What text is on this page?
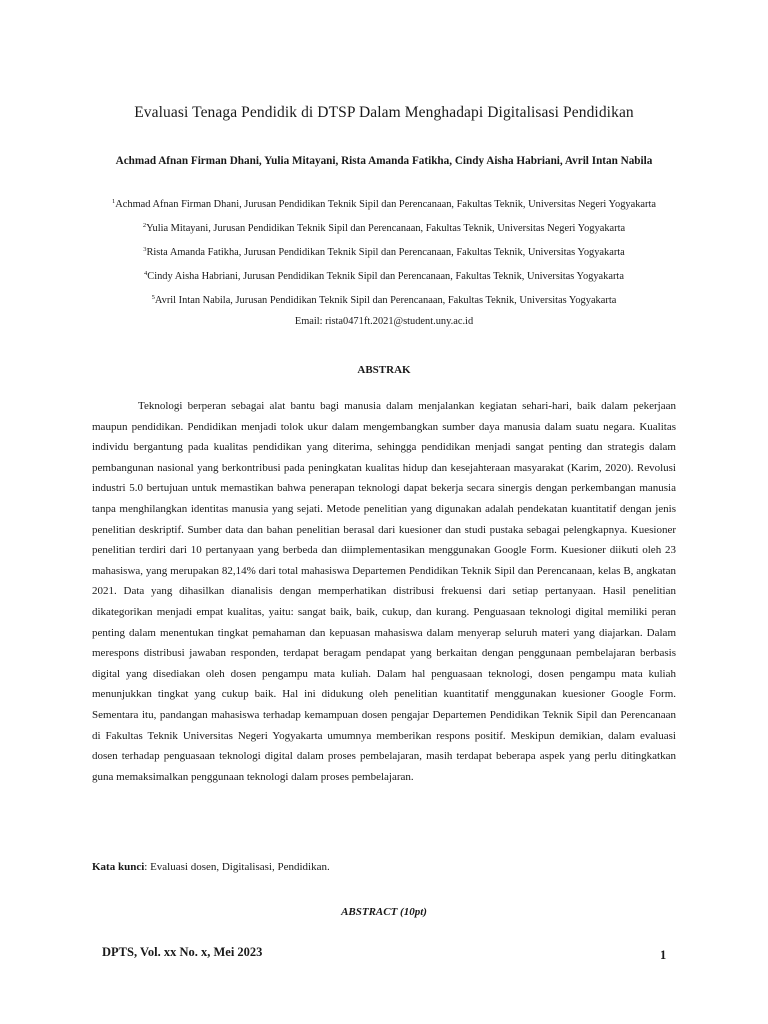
Evaluasi Tenaga Pendidik di DTSP Dalam Menghadapi Digitalisasi Pendidikan
Achmad Afnan Firman Dhani, Yulia Mitayani, Rista Amanda Fatikha, Cindy Aisha Habriani, Avril Intan Nabila
$^1$Achmad Afnan Firman Dhani, Jurusan Pendidikan Teknik Sipil dan Perencanaan, Fakultas Teknik, Universitas Negeri Yogyakarta
$^2$Yulia Mitayani, Jurusan Pendidikan Teknik Sipil dan Perencanaan, Fakultas Teknik, Universitas Negeri Yogyakarta
$^3$Rista Amanda Fatikha, Jurusan Pendidikan Teknik Sipil dan Perencanaan, Fakultas Teknik, Universitas Yogyakarta
$^4$Cindy Aisha Habriani, Jurusan Pendidikan Teknik Sipil dan Perencanaan, Fakultas Teknik, Universitas Yogyakarta
$^5$Avril Intan Nabila, Jurusan Pendidikan Teknik Sipil dan Perencanaan, Fakultas Teknik, Universitas Yogyakarta
Email: rista0471ft.2021@student.uny.ac.id
ABSTRAK

Teknologi berperan sebagai alat bantu bagi manusia dalam menjalankan kegiatan sehari-hari, baik dalam pekerjaan maupun pendidikan. Pendidikan menjadi tolok ukur dalam mengembangkan sumber daya manusia dalam suatu negara. Kualitas individu bergantung pada kualitas pendidikan yang diterima, sehingga pendidikan menjadi sangat penting dan strategis dalam pembangunan nasional yang berkontribusi pada peningkatan kualitas hidup dan kesejahteraan masyarakat (Karim, 2020). Revolusi industri 5.0 bertujuan untuk memastikan bahwa penerapan teknologi dapat bekerja secara sinergis dengan perkembangan manusia tanpa menghilangkan identitas manusia yang sejati. Metode penelitian yang digunakan adalah pendekatan kuantitatif dengan jenis penelitian deskriptif. Sumber data dan bahan penelitian berasal dari kuesioner dan studi pustaka sebagai pelengkapnya. Kuesioner penelitian terdiri dari 10 pertanyaan yang berbeda dan diimplementasikan menggunakan Google Form. Kuesioner diikuti oleh 23 mahasiswa, yang merupakan 82,14% dari total mahasiswa Departemen Pendidikan Teknik Sipil dan Perencanaan, kelas B, angkatan 2021. Data yang dihasilkan dianalisis dengan memperhatikan distribusi frekuensi dari setiap pertanyaan. Hasil penelitian dikategorikan menjadi empat kualitas, yaitu: sangat baik, baik, cukup, dan kurang. Penguasaan teknologi digital memiliki peran penting dalam menentukan tingkat pemahaman dan kepuasan mahasiswa dalam menyerap seluruh materi yang diajarkan. Dalam merespons distribusi jawaban responden, terdapat beragam pendapat yang berkaitan dengan penggunaan pembelajaran berbasis digital yang disediakan oleh dosen pengampu mata kuliah. Dalam hal penguasaan teknologi, dosen pengampu mata kuliah menunjukkan tingkat yang cukup baik. Hal ini didukung oleh penelitian kuantitatif menggunakan kuesioner Google Form. Sementara itu, pandangan mahasiswa terhadap kemampuan dosen pengajar Departemen Pendidikan Teknik Sipil dan Perencanaan di Fakultas Teknik Universitas Negeri Yogyakarta umumnya memberikan respons positif. Meskipun demikian, dalam evaluasi dosen terhadap penguasaan teknologi digital dalam proses pembelajaran, masih terdapat beberapa aspek yang perlu ditingkatkan guna memaksimalkan penggunaan teknologi dalam proses pembelajaran.

Kata kunci: Evaluasi dosen, Digitalisasi, Pendidikan.
ABSTRACT (10pt)
DPTS, Vol. xx No. x, Mei 2023	1
